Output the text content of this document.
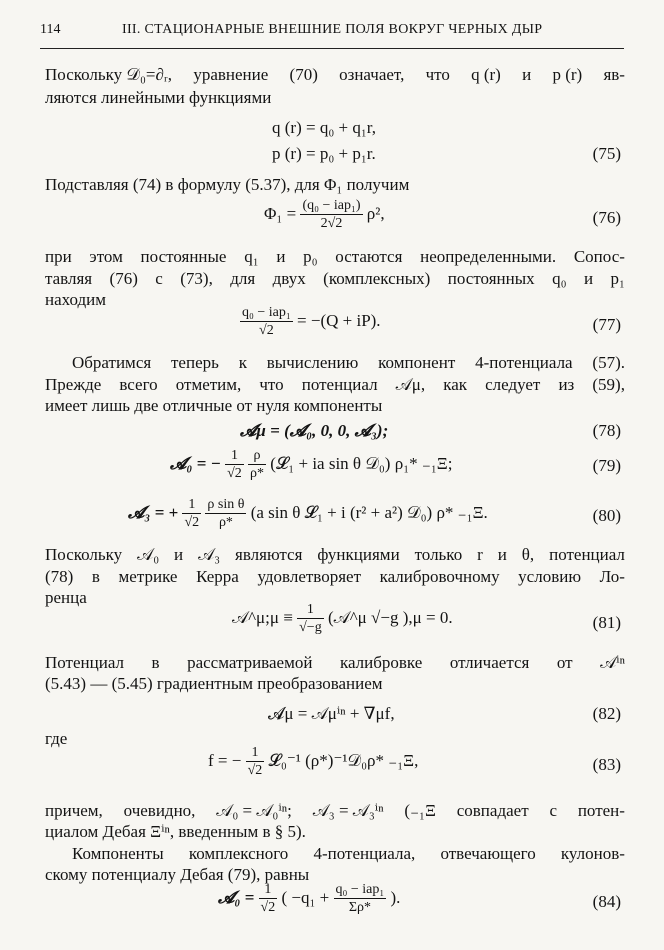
114	III. СТАЦИОНАРНЫЕ ВНЕШНИЕ ПОЛЯ ВОКРУГ ЧЕРНЫХ ДЫР
Поскольку 𝒟₀=∂ᵣ, уравнение (70) означает, что q (r) и p (r) яв-
ляются линейными функциями
q (r) = q₀ + q₁r,
p (r) = p₀ + p₁r.	(75)
Подставляя (74) в формулу (5.37), для Φ₁ получим
$\Phi_1 = \frac{\text{(q₀ − iap₁)}}{2√2} \rho^2$,	(76)
при этом постоянные q₁ и p₀ остаются неопределенными. Сопос-
тавляя (76) с (73), для двух (комплексных) постоянных q₀ и p₁
находим
$\frac{\text{q₀ − iap₁}}{√2} = -(Q + iP)$.	(77)
Обратимся теперь к вычислению компонент 4-потенциала (57).
Прежде всего отметим, что потенциал 𝒜μ, как следует из (59),
имеет лишь две отличные от нуля компоненты
𝓐μ = (𝓐₀, 0, 0, 𝓐₃);	(78)
𝓐₀ = − $\frac{1}{√2}$
$\frac{\rho}{\rho*}$ (𝓛₁ + ia sin θ 𝒟₀) ρ₁* ₋₁Ξ;	(79)
𝓐₃ = + $\frac{1}{√2}$
$\frac{\text{ρ sin θ}}{\rho*} (a$ sin θ 𝓛₁ + i (r² + a²) 𝒟₀) ρ* ₋₁Ξ.	(80)
Поскольку 𝒜₀ и 𝒜₃ являются функциями только r и θ, потенциал
(78) в метрике Керра удовлетворяет калибровочному условию Ло-
ренца
𝒜^μ;μ ≡ $\frac{1}{√-g}$ (𝒜^μ √−g ),μ = 0.	(81)
Потенциал в рассматриваемой калибровке отличается от 𝒜ⁱⁿ
(5.43) — (5.45) градиентным преобразованием
𝓐μ = 𝒜μⁱⁿ + ∇μf,	(82)
где
f = − $\frac{1}{√2}$ 𝓛₀⁻¹ (ρ*)⁻¹𝒟₀ρ* ₋₁Ξ,	(83)
причем, очевидно, 𝒜₀ = 𝒜₀ⁱⁿ; 𝒜₃ = 𝒜₃ⁱⁿ (₋₁Ξ совпадает с потен-
циалом Дебая Ξⁱⁿ, введенным в § 5).
Компоненты комплексного 4-потенциала, отвечающего кулонов-
скому потенциалу Дебая (79), равны
𝓐₀ = $\frac{1}{√2}$ ( $-q_1 + \frac{\text{q₀ − iap₁}}{\Sigma\rho*}$ ).	(84)
